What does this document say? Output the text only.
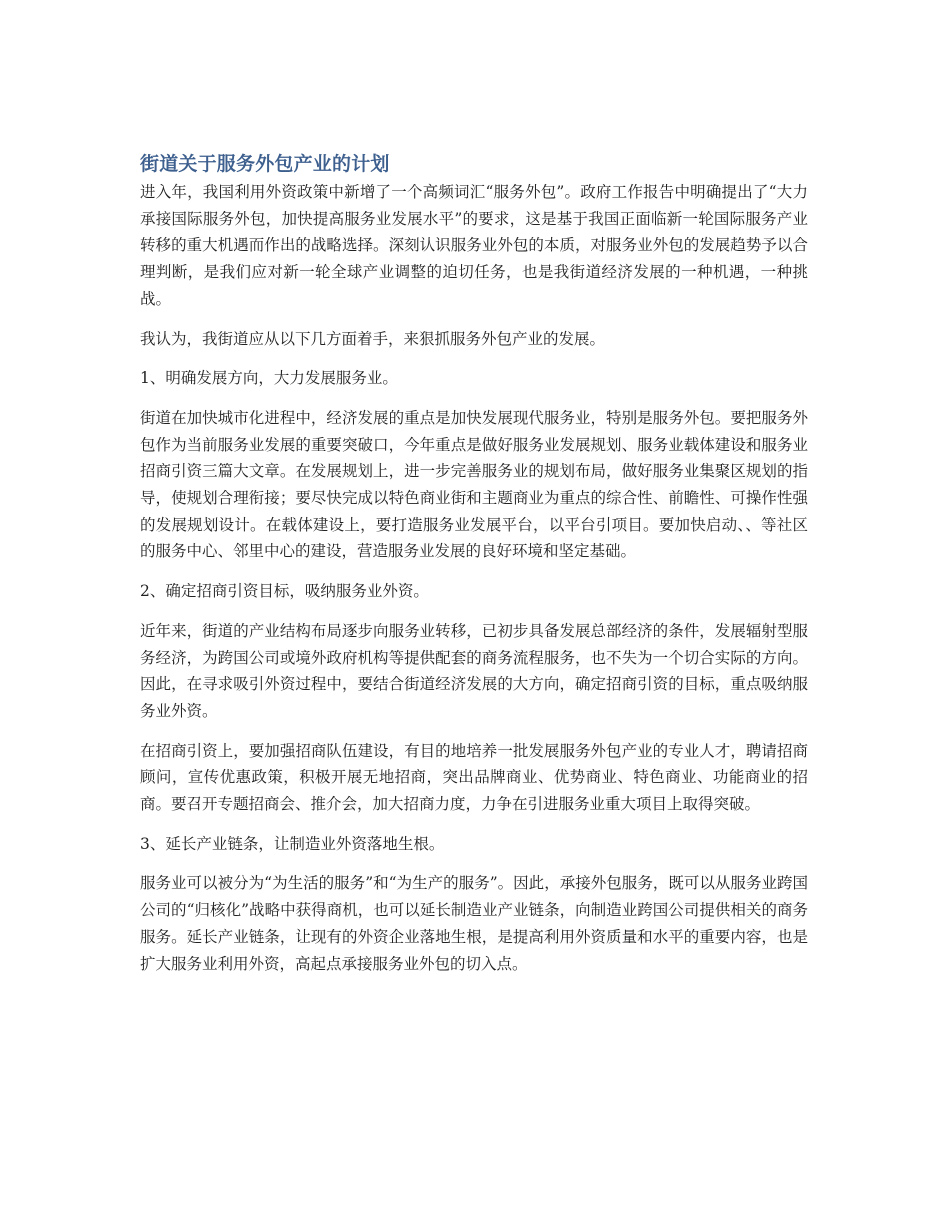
街道关于服务外包产业的计划

进入年，我国利用外资政策中新增了一个高频词汇“服务外包”。政府工作报告中明确提出了“大力承接国际服务外包，加快提高服务业发展水平”的要求，这是基于我国正面临新一轮国际服务产业转移的重大机遇而作出的战略选择。深刻认识服务业外包的本质，对服务业外包的发展趋势予以合理判断，是我们应对新一轮全球产业调整的迫切任务，也是我街道经济发展的一种机遇，一种挑战。

我认为，我街道应从以下几方面着手，来狠抓服务外包产业的发展。

1、明确发展方向，大力发展服务业。

街道在加快城市化进程中，经济发展的重点是加快发展现代服务业，特别是服务外包。要把服务外包作为当前服务业发展的重要突破口，今年重点是做好服务业发展规划、服务业载体建设和服务业招商引资三篇大文章。在发展规划上，进一步完善服务业的规划布局，做好服务业集聚区规划的指导，使规划合理衔接；要尽快完成以特色商业街和主题商业为重点的综合性、前瞻性、可操作性强的发展规划设计。在载体建设上，要打造服务业发展平台，以平台引项目。要加快启动、、等社区的服务中心、邻里中心的建设，营造服务业发展的良好环境和坚定基础。

2、确定招商引资目标，吸纳服务业外资。

近年来，街道的产业结构布局逐步向服务业转移，已初步具备发展总部经济的条件，发展辐射型服务经济，为跨国公司或境外政府机构等提供配套的商务流程服务，也不失为一个切合实际的方向。因此，在寻求吸引外资过程中，要结合街道经济发展的大方向，确定招商引资的目标，重点吸纳服务业外资。

在招商引资上，要加强招商队伍建设，有目的地培养一批发展服务外包产业的专业人才，聘请招商顾问，宣传优惠政策，积极开展无地招商，突出品牌商业、优势商业、特色商业、功能商业的招商。要召开专题招商会、推介会，加大招商力度，力争在引进服务业重大项目上取得突破。

3、延长产业链条，让制造业外资落地生根。

服务业可以被分为“为生活的服务”和“为生产的服务”。因此，承接外包服务，既可以从服务业跨国公司的“归核化”战略中获得商机，也可以延长制造业产业链条，向制造业跨国公司提供相关的商务服务。延长产业链条，让现有的外资企业落地生根，是提高利用外资质量和水平的重要内容，也是扩大服务业利用外资，高起点承接服务业外包的切入点。
